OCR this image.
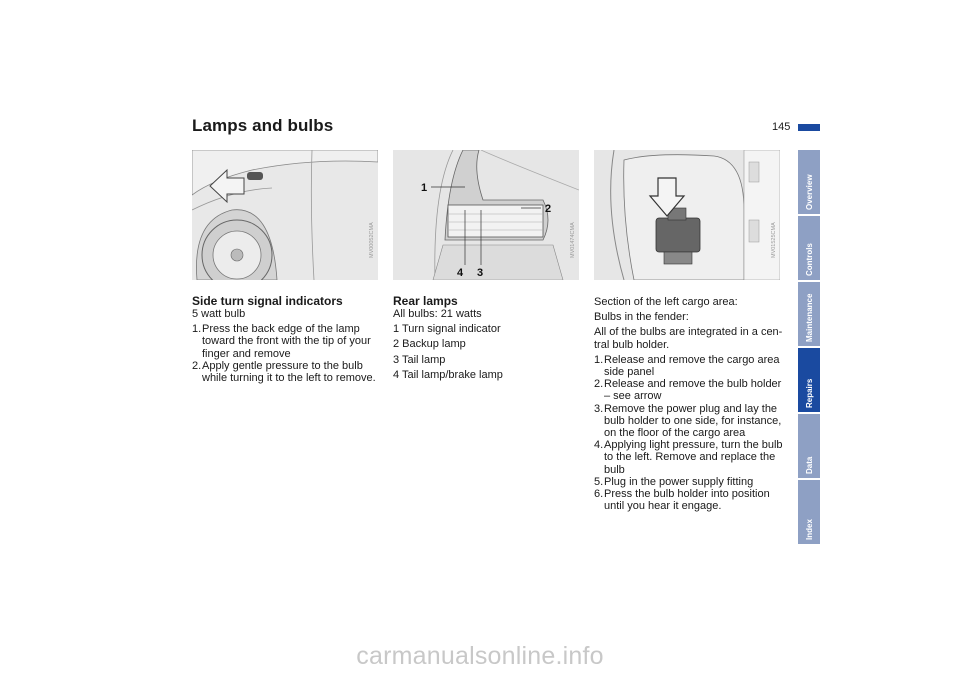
Lamps and bulbs	145
MV00052CMA
1
2
4 3
MV01474CMA	MV01525CMA
Side turn signal indicators
5 watt bulb
1. Press the back edge of the lamp toward the front with the tip of your finger and remove
2. Apply gentle pressure to the bulb while turning it to the left to remove.
Rear lamps
All bulbs: 21 watts
1 Turn signal indicator
2 Backup lamp
3 Tail lamp
4 Tail lamp/brake lamp
Section of the left cargo area:
Bulbs in the fender:
All of the bulbs are integrated in a cen-tral bulb holder.
1. Release and remove the cargo area side panel
2. Release and remove the bulb holder – see arrow
3. Remove the power plug and lay the bulb holder to one side, for instance, on the floor of the cargo area
4. Applying light pressure, turn the bulb to the left. Remove and replace the bulb
5. Plug in the power supply fitting
6. Press the bulb holder into position until you hear it engage.
Overview
Controls
Maintenance
Repairs
Data
Index
carmanualsonline.info
